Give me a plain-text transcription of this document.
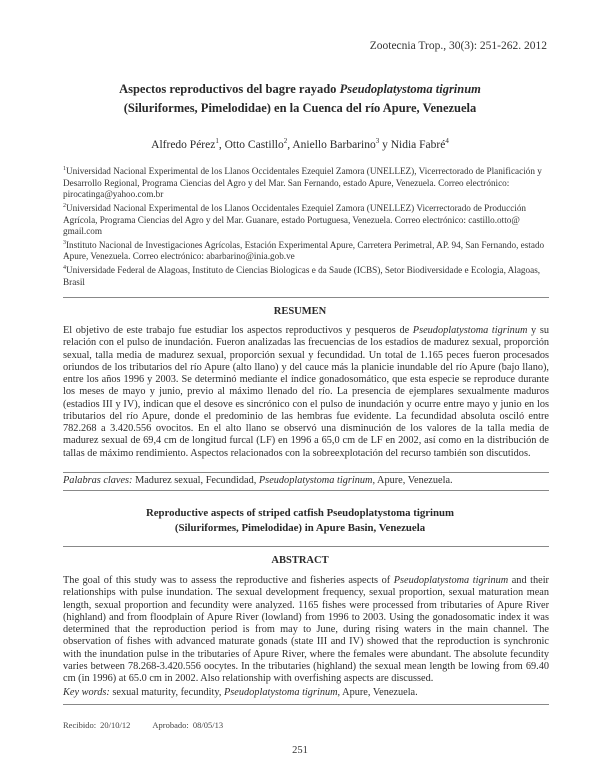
Zootecnia Trop., 30(3): 251-262. 2012
Aspectos reproductivos del bagre rayado Pseudoplatystoma tigrinum
(Siluriformes, Pimelodidae) en la Cuenca del río Apure, Venezuela
Alfredo Pérez$^1$, Otto Castillo$^2$, Aniello Barbarino$^3$ y Nidia Fabré$^4$

$^1$Universidad Nacional Experimental de los Llanos Occidentales Ezequiel Zamora (UNELLEZ), Vicerrectorado de Planificación y Desarrollo Regional, Programa Ciencias del Agro y del Mar. San Fernando, estado Apure, Venezuela. Correo electrónico: pirocatinga@yahoo.com.br

$^2$Universidad Nacional Experimental de los Llanos Occidentales Ezequiel Zamora (UNELLEZ) Vicerrectorado de Producción Agrícola, Programa Ciencias del Agro y del Mar. Guanare, estado Portuguesa, Venezuela. Correo electrónico: castillo.otto@ gmail.com

$^3$Instituto Nacional de Investigaciones Agrícolas, Estación Experimental Apure, Carretera Perimetral, AP. 94, San Fernando, estado Apure, Venezuela. Correo electrónico: abarbarino@inia.gob.ve

$^4$Universidade Federal de Alagoas, Instituto de Ciencias Biologicas e da Saude (ICBS), Setor Biodiversidade e Ecologia, Alagoas, Brasil

RESUMEN
El objetivo de este trabajo fue estudiar los aspectos reproductivos y pesqueros de Pseudoplatystoma tigrinum y su relación con el pulso de inundación. Fueron analizadas las frecuencias de los estadios de madurez sexual, proporción sexual, talla media de madurez sexual, proporción sexual y fecundidad. Un total de 1.165 peces fueron procesados oriundos de los tributarios del río Apure (alto llano) y del cauce más la planicie inundable del río Apure (bajo llano), entre los años 1996 y 2003. Se determinó mediante el índice gonadosomático, que esta especie se reproduce durante los meses de mayo y junio, previo al máximo llenado del río. La presencia de ejemplares sexualmente maduros (estadios III y IV), indican que el desove es sincrónico con el pulso de inundación y ocurre entre mayo y junio en los tributarios del río Apure, donde el predominio de las hembras fue evidente. La fecundidad absoluta osciló entre 782.268 a 3.420.556 ovocitos. En el alto llano se observó una disminución de los valores de la talla media de madurez sexual de 69,4 cm de longitud furcal (LF) en 1996 a 65,0 cm de LF en 2002, así como en la distribución de tallas de máximo rendimiento. Aspectos relacionados con la sobreexplotación del recurso también son discutidos.
Palabras claves: Madurez sexual, Fecundidad, Pseudoplatystoma tigrinum, Apure, Venezuela.
Reproductive aspects of striped catfish Pseudoplatystoma tigrinum
(Siluriformes, Pimelodidae) in Apure Basin, Venezuela
ABSTRACT
The goal of this study was to assess the reproductive and fisheries aspects of Pseudoplatystoma tigrinum and their relationships with pulse inundation. The sexual development frequency, sexual proportion, sexual maturation mean length, sexual proportion and fecundity were analyzed. 1165 fishes were processed from tributaries of Apure River (highland) and from floodplain of Apure River (lowland) from 1996 to 2003. Using the gonadosomatic index it was determined that the reproduction period is from may to June, during rising waters in the main channel. The observation of fishes with advanced maturate gonads (state III and IV) showed that the reproduction is synchronic with the inundation pulse in the tributaries of Apure River, where the females were abundant. The absolute fecundity varies between 78.268-3.420.556 oocytes. In the tributaries (highland) the sexual mean length be lowing from 69.40 cm (in 1996) at 65.0 cm in 2002. Also relationship with overfishing aspects are discussed.
Key words: sexual maturity, fecundity, Pseudoplatystoma tigrinum, Apure, Venezuela.
Recibido: 20/10/12	Aprobado: 08/05/13
251
